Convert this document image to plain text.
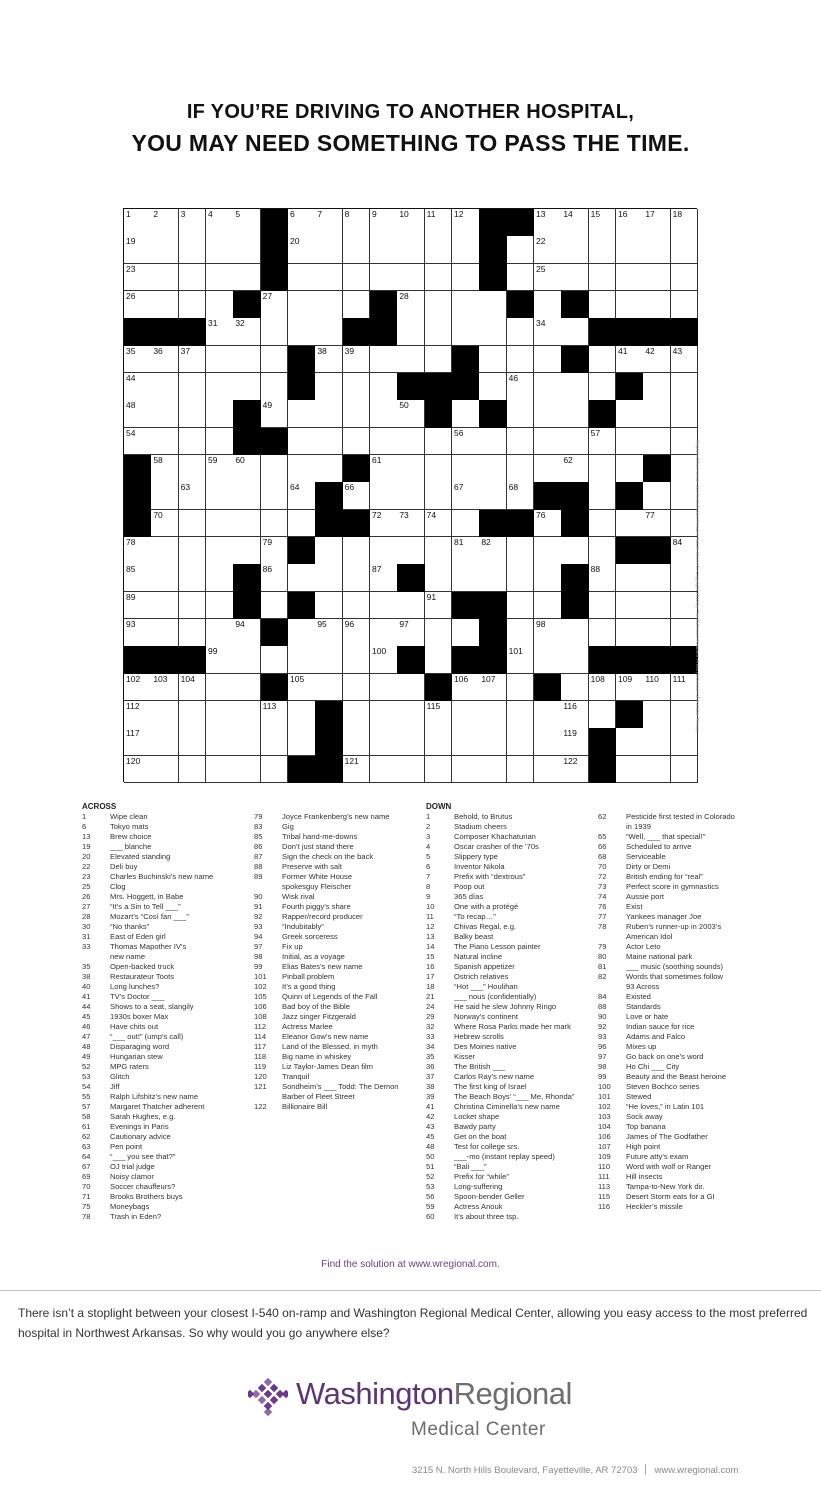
IF YOU’RE DRIVING TO ANOTHER HOSPITAL,
YOU MAY NEED SOMETHING TO PASS THE TIME.
1	2	3	4	5	6	7	8	9	10 11 12	13 14 15 16 17 18
19	20	22
23	25
26	27	28
31 32	34
35 36 37	38 39	41 42 43
44	46
48	49	50
54	56	57
58	59 60	61	62
63	64	66	67	68
70	72 73 74	76	77
78	79	81 82	84
85	86	87	88
89	91
93	94	95 96	97	98
99	100	101
102 103 104	105	106 107	108 109 110 111
112	113	115	116
117	119
120	121	122
Reprinted from Uncle John's Bathroom Reader Puzzle Book #2. Copyright 2011 by The Bathroom Readers' Press (a division of Portable Press).
ACROSS
1	Wipe clean
6	Tokyo mats
13	Brew choice
19	___ blanche
20	Elevated standing
22	Deli buy
23	Charles Buchinski’s new name
25	Clog
26	Mrs. Hoggett, in Babe
27	“It’s a Sin to Tell ___”
28	Mozart’s “Così fan ___”
30	“No thanks”
31	East of Eden girl
33	Thomas Mapother IV’s
new name
35	Open-backed truck
38	Restaurateur Toots
40	Long lunches?
41	TV’s Doctor ___
44	Shows to a seat, slangily
45	1930s boxer Max
46	Have chits out
47	“___ out!” (ump’s call)
48	Disparaging word
49	Hungarian stew
52	MPG raters
53	Glitch
54	Jiff
55	Ralph Lifshitz’s new name
57	Margaret Thatcher adherent
58	Sarah Hughes, e.g.
61	Evenings in Paris
62	Cautionary advice
63	Pen point
64	“___ you see that?”
67	OJ trial judge
69	Noisy clamor
70	Soccer chauffeurs?
71	Brooks Brothers buys
75	Moneybags
78	Trash in Eden?
79	Joyce Frankenberg’s new name
83	Gig
85	Tribal hand-me-downs
86	Don’t just stand there
87	Sign the check on the back
88	Preserve with salt
89	Former White House
spokesguy Fleischer
90	Wisk rival
91	Fourth piggy’s share
92	Rapper/record producer
93	“Indubitably”
94	Greek sorceress
97	Fix up
98	Initial, as a voyage
99	Elias Bates’s new name
101	Pinball problem
102	It’s a good thing
105	Quinn of Legends of the Fall
106	Bad boy of the Bible
108	Jazz singer Fitzgerald
112	Actress Marlee
114	Eleanor Gow’s new name
117	Land of the Blessed, in myth
118	Big name in whiskey
119	Liz Taylor-James Dean film
120	Tranquil
121	Sondheim’s ___ Todd: The Demon
Barber of Fleet Street
122	Billionaire Bill
DOWN
1	Behold, to Brutus
2	Stadium cheers
3	Composer Khachaturian
4	Oscar crasher of the ’70s
5	Slippery type
6	Inventor Nikola
7	Prefix with “dextrous”
8	Poop out
9	365 días
10	One with a protégé
11	“To recap…”
12	Chivas Regal, e.g.
13	Balky beast
14	The Piano Lesson painter
15	Natural incline
16	Spanish appetizer
17	Ostrich relatives
18	“Hot ___” Houlihan
21	___ nous (confidentially)
24	He said he slew Johnny Ringo
29	Norway’s continent
32	Where Rosa Parks made her mark
33	Hebrew scrolls
34	Des Moines native
35	Kisser
36	The British ___
37	Carlos Ray’s new name
38	The first king of Israel
39	The Beach Boys’ “___ Me, Rhonda”
41	Christina Ciminella’s new name
42	Locket shape
43	Bawdy party
45	Get on the boat
48	Test for college srs.
50	___-mo (instant replay speed)
51	“Bali ___”
52	Prefix for “while”
53	Long-suffering
56	Spoon-bender Geller
59	Actress Anouk
60	It’s about three tsp.
62	Pesticide first tested in Colorado
in 1939
65	“Well, ___ that special!”
66	Scheduled to arrive
68	Serviceable
70	Dirty or Demi
72	British ending for “real”
73	Perfect score in gymnastics
74	Aussie port
76	Exist
77	Yankees manager Joe
78	Ruben’s runner-up in 2003’s
American Idol
79	Actor Leto
80	Maine national park
81	___ music (soothing sounds)
82	Words that sometimes follow
93 Across
84	Existed
88	Standards
90	Love or hate
92	Indian sauce for rice
93	Adams and Falco
96	Mixes up
97	Go back on one’s word
98	Ho Chi ___ City
99	Beauty and the Beast heroine
100	Steven Bochco series
101	Stewed
102	“He loves,” in Latin 101
103	Sock away
104	Top banana
106	James of The Godfather
107	High point
109	Future atty’s exam
110	Word with wolf or Ranger
111	Hill insects
113	Tampa-to-New York dir.
115	Desert Storm eats for a GI
116	Heckler’s missile
Find the solution at www.wregional.com.
There isn’t a stoplight between your closest I-540 on-ramp and Washington Regional Medical Center, allowing you easy access to the most preferred hospital in Northwest Arkansas. So why would you go anywhere else?
WashingtonRegional
Medical Center
3215 N. North Hills Boulevard, Fayetteville, AR 72703 www.wregional.com
